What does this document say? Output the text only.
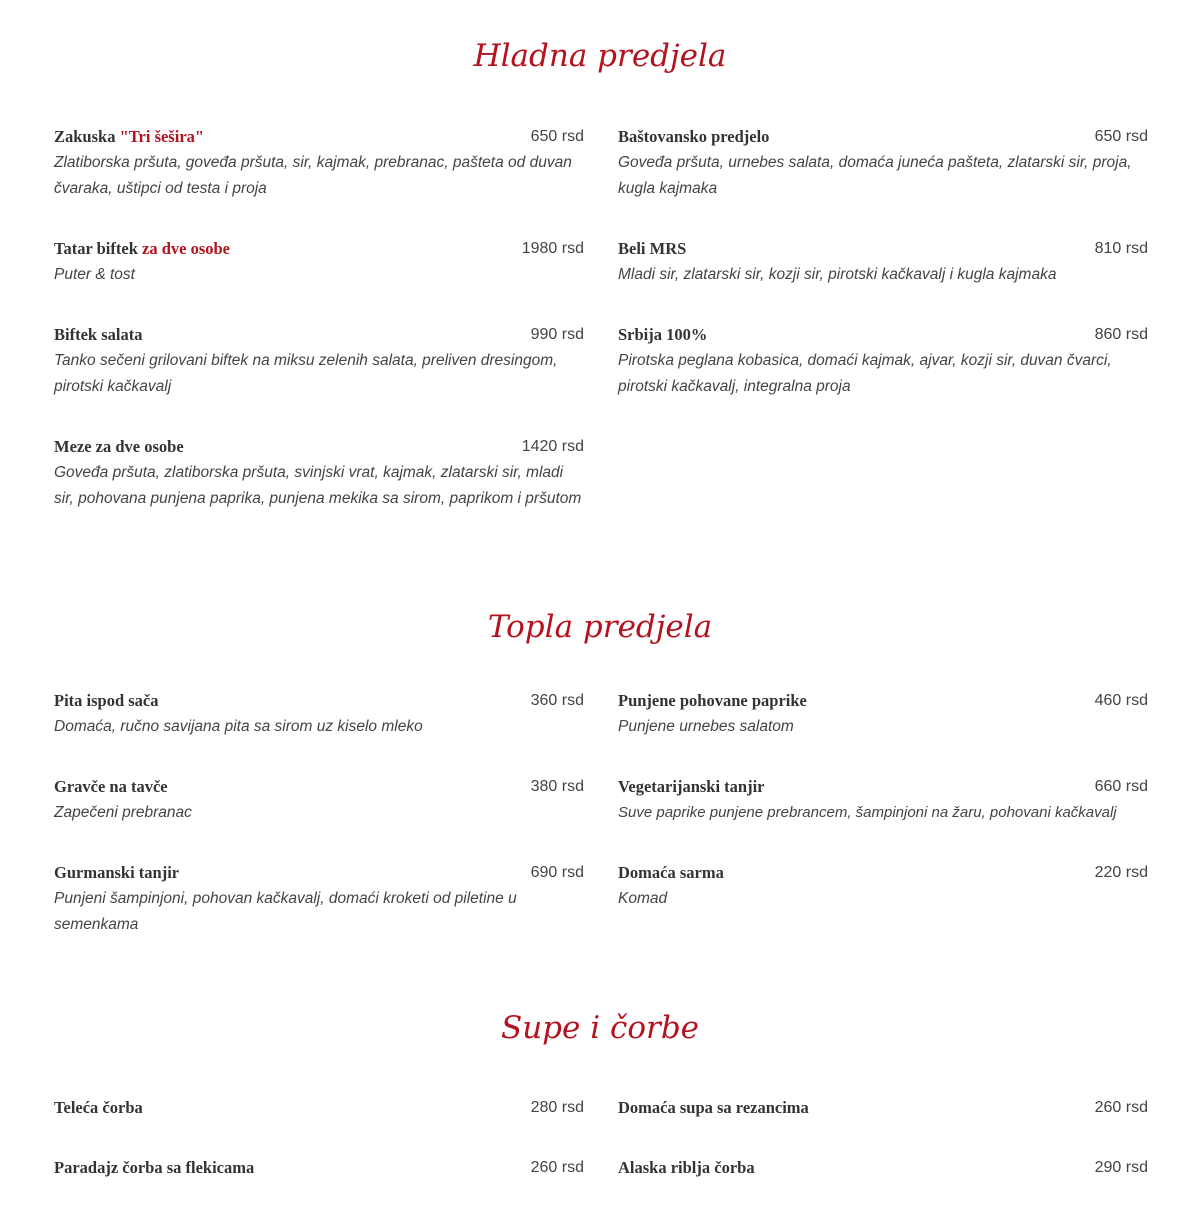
Hladna predjela
Zakuska "Tri šešira"	650 rsd

Zlatiborska pršuta, goveđa pršuta, sir, kajmak, prebranac, pašteta od duvan čvaraka, uštipci od testa i proja

Baštovansko predjelo	650 rsd

Goveđa pršuta, urnebes salata, domaća juneća pašteta, zlatarski sir, proja, kugla kajmaka

Tatar biftek za dve osobe	1980 rsd

Puter & tost

Beli MRS	810 rsd

Mladi sir, zlatarski sir, kozji sir, pirotski kačkavalj i kugla kajmaka

Biftek salata	990 rsd

Tanko sečeni grilovani biftek na miksu zelenih salata, preliven dresingom, pirotski kačkavalj

Srbija 100%	860 rsd

Pirotska peglana kobasica, domaći kajmak, ajvar, kozji sir, duvan čvarci, pirotski kačkavalj, integralna proja

Meze za dve osobe	1420 rsd

Goveđa pršuta, zlatiborska pršuta, svinjski vrat, kajmak, zlatarski sir, mladi sir, pohovana punjena paprika, punjena mekika sa sirom, paprikom i pršutom

Topla predjela
Pita ispod sača	360 rsd

Domaća, ručno savijana pita sa sirom uz kiselo mleko

Punjene pohovane paprike	460 rsd

Punjene urnebes salatom

Gravče na tavče	380 rsd

Zapečeni prebranac

Vegetarijanski tanjir	660 rsd

Suve paprike punjene prebrancem, šampinjoni na žaru, pohovani kačkavalj

Gurmanski tanjir	690 rsd

Punjeni šampinjoni, pohovan kačkavalj, domaći kroketi od piletine u semenkama

Domaća sarma	220 rsd

Komad

Supe i čorbe
Teleća čorba	280 rsd Domaća supa sa rezancima	260 rsd
Paradajz čorba sa flekicama	260 rsd Alaska riblja čorba	290 rsd
